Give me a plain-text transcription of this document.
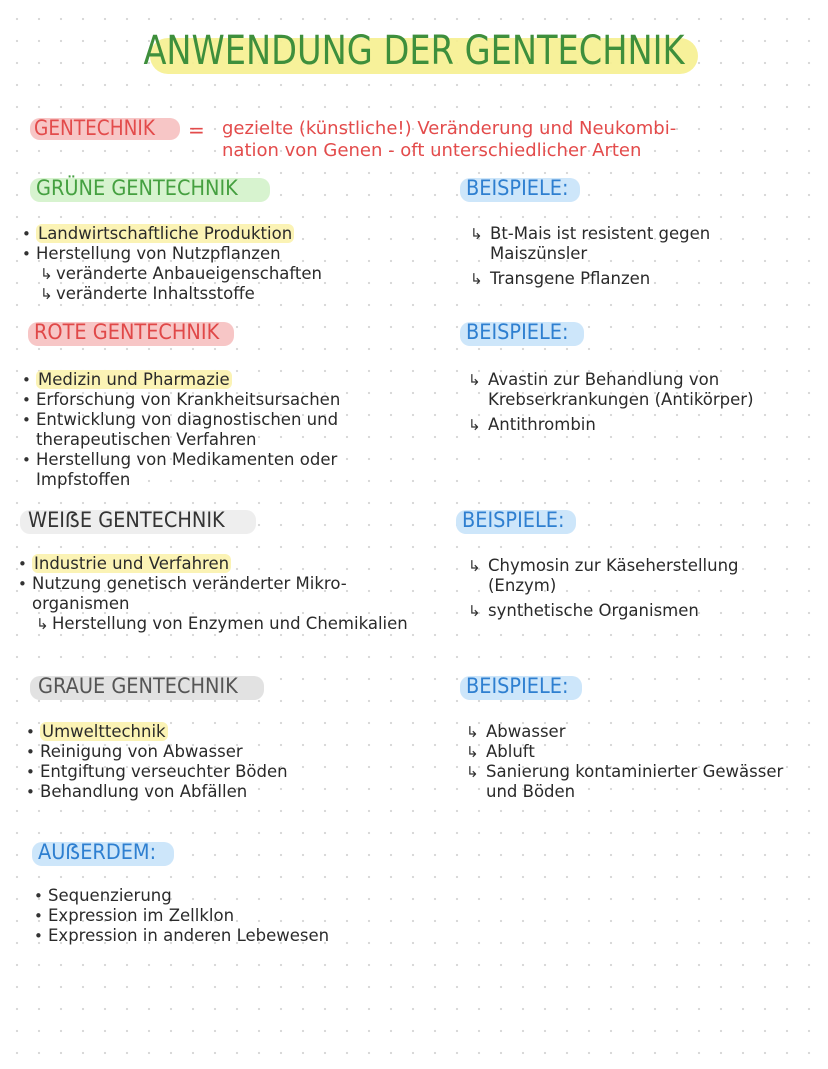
ANWENDUNG DER GENTECHNIK
GENTECHNIK = gezielte (künstliche!) Veränderung und Neukombi-
nation von Genen - oft unterschiedlicher Arten
GRÜNE GENTECHNIK
• Landwirtschaftliche Produktion
• Herstellung von Nutzpflanzen
↳ veränderte Anbaueigenschaften
↳ veränderte Inhaltsstoffe
BEISPIELE:
↳ Bt-Mais ist resistent gegen Maiszünsler
↳ Transgene Pflanzen
ROTE GENTECHNIK
• Medizin und Pharmazie
• Erforschung von Krankheitsursachen
• Entwicklung von diagnostischen und therapeutischen Verfahren
• Herstellung von Medikamenten oder Impfstoffen
BEISPIELE:
↳ Avastin zur Behandlung von Krebserkrankungen (Antikörper)
↳ Antithrombin
WEIẞE GENTECHNIK
• Industrie und Verfahren
• Nutzung genetisch veränderter Mikro-organismen
↳ Herstellung von Enzymen und Chemikalien
BEISPIELE:
↳ Chymosin zur Käseherstellung (Enzym)
↳ synthetische Organismen
GRAUE GENTECHNIK
• Umwelttechnik
• Reinigung von Abwasser
• Entgiftung verseuchter Böden
• Behandlung von Abfällen
BEISPIELE:
↳ Abwasser
↳ Abluft
↳ Sanierung kontaminierter Gewässer und Böden
AUẞERDEM:
• Sequenzierung
• Expression im Zellklon
• Expression in anderen Lebewesen
